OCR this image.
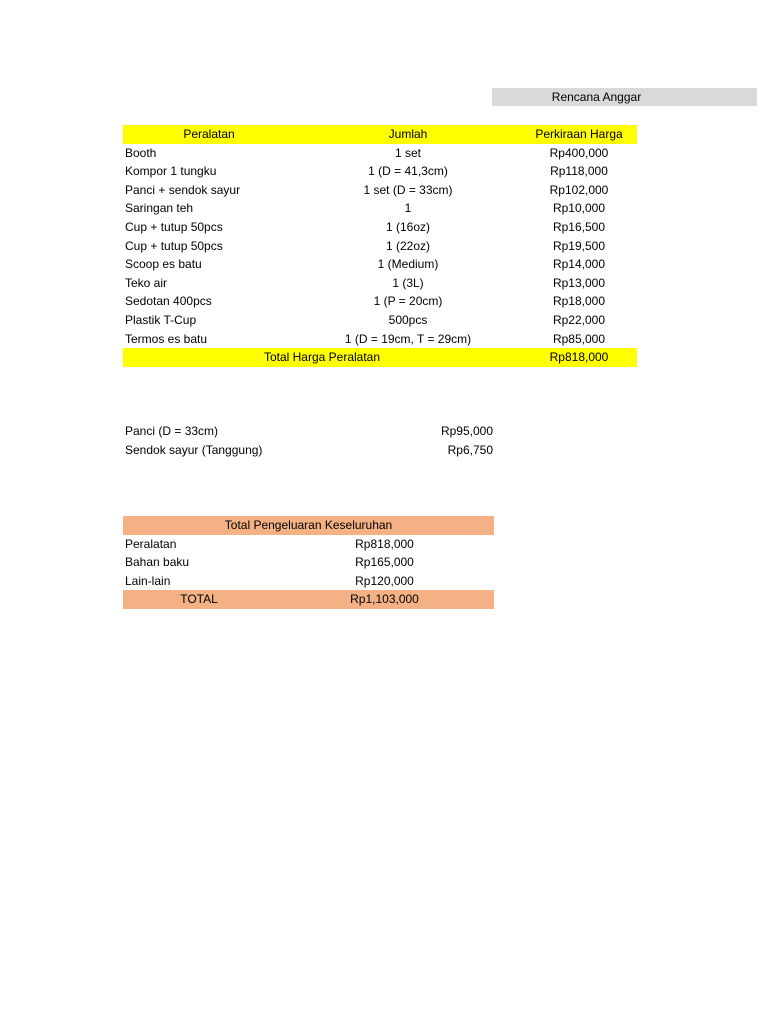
Rencana Anggar
Peralatan	Jumlah	Perkiraan Harga
Booth	1 set	Rp400,000
Kompor 1 tungku	1 (D = 41,3cm)	Rp118,000
Panci + sendok sayur	1 set (D = 33cm)	Rp102,000
Saringan teh	1	Rp10,000
Cup + tutup 50pcs	1 (16oz)	Rp16,500
Cup + tutup 50pcs	1 (22oz)	Rp19,500
Scoop es batu	1 (Medium)	Rp14,000
Teko air	1 (3L)	Rp13,000
Sedotan 400pcs	1 (P = 20cm)	Rp18,000
Plastik T-Cup	500pcs	Rp22,000
Termos es batu	1 (D = 19cm, T = 29cm)	Rp85,000
Total Harga Peralatan		Rp818,000
Panci (D = 33cm)	Rp95,000
Sendok sayur (Tanggung)	Rp6,750
Total Pengeluaran Keseluruhan	
Peralatan	Rp818,000
Bahan baku	Rp165,000
Lain-lain	Rp120,000
TOTAL	Rp1,103,000
